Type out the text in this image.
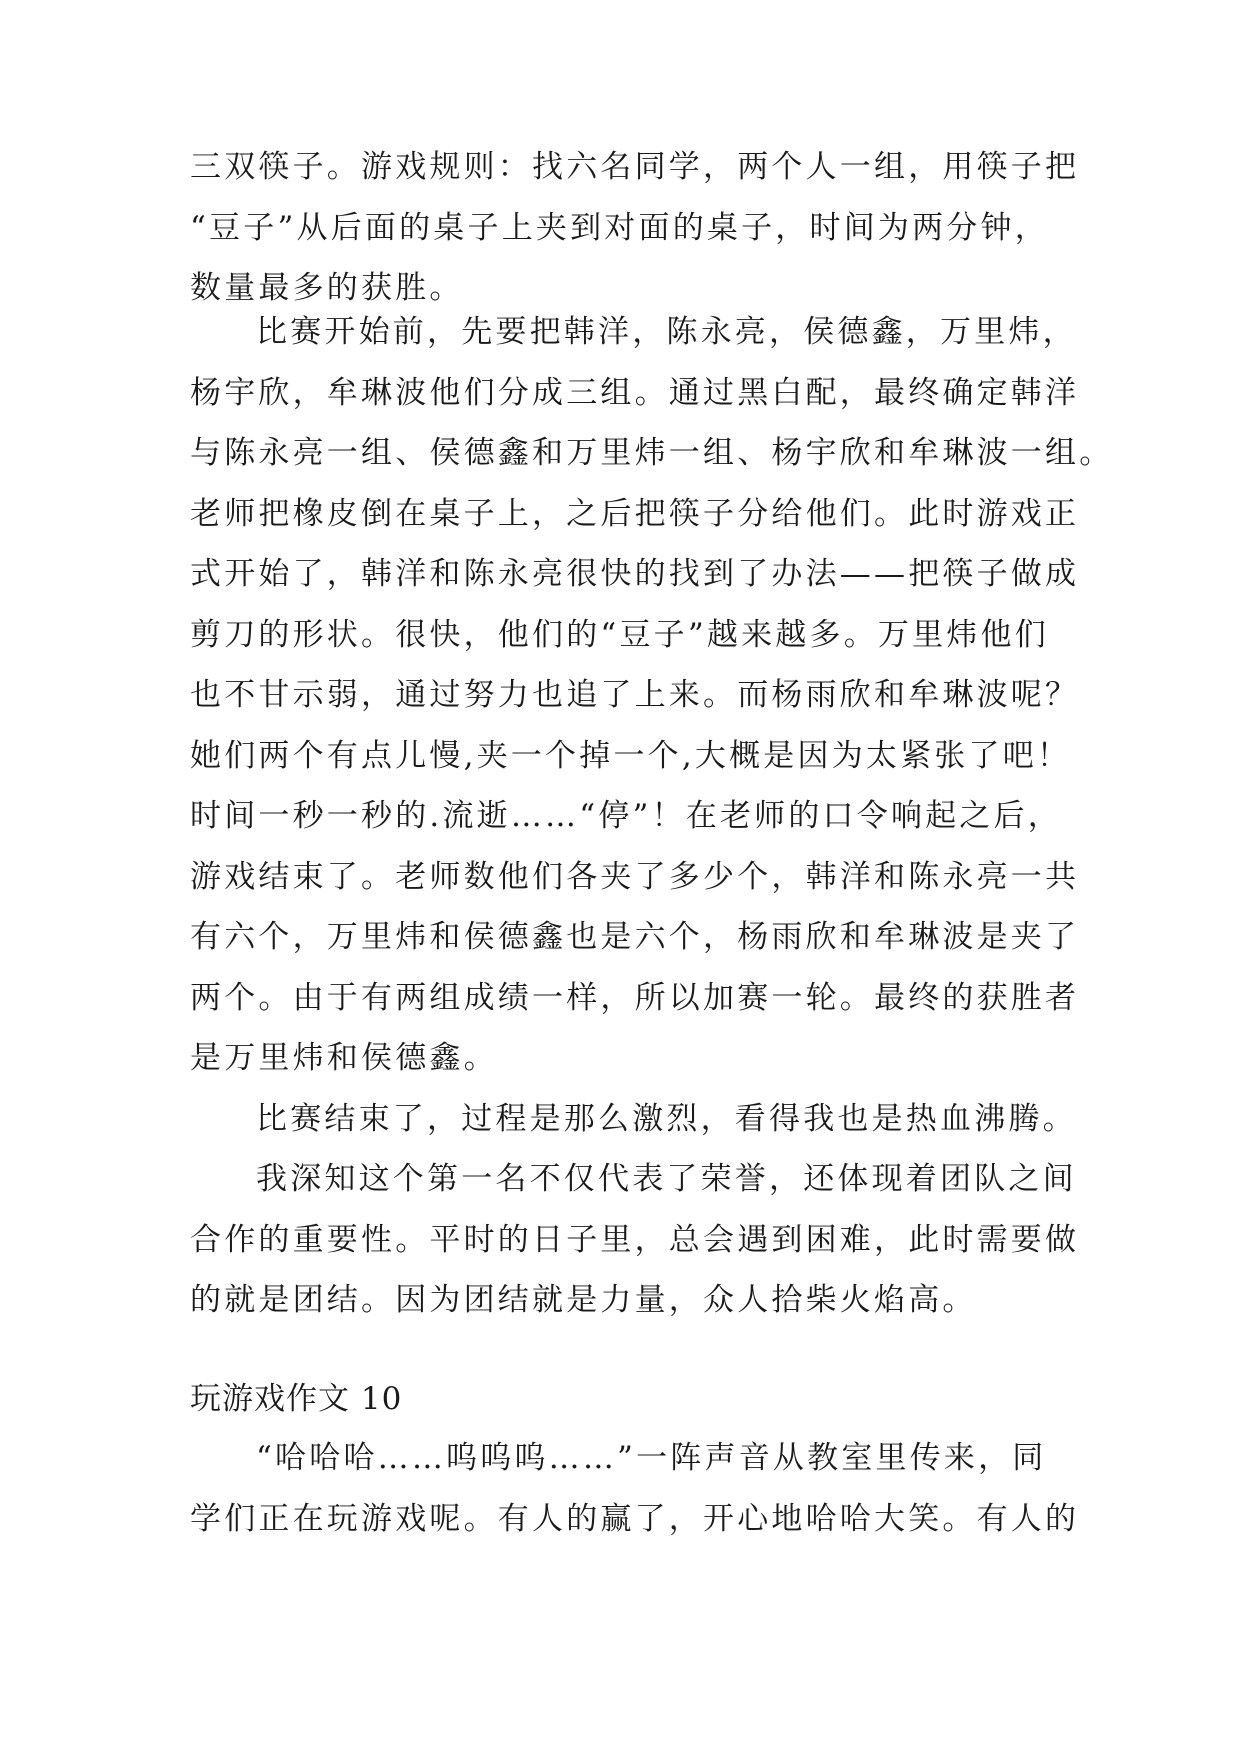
三双筷子。游戏规则：找六名同学，两个人一组，用筷子把
“豆子”从后面的桌子上夹到对面的桌子，时间为两分钟，
数量最多的获胜。
比赛开始前，先要把韩洋，陈永亮，侯德鑫，万里炜，
杨宇欣，牟琳波他们分成三组。通过黑白配，最终确定韩洋
与陈永亮一组、侯德鑫和万里炜一组、杨宇欣和牟琳波一组。
老师把橡皮倒在桌子上，之后把筷子分给他们。此时游戏正
式开始了，韩洋和陈永亮很快的找到了办法——把筷子做成
剪刀的形状。很快，他们的“豆子”越来越多。万里炜他们
也不甘示弱，通过努力也追了上来。而杨雨欣和牟琳波呢？
她们两个有点儿慢,夹一个掉一个,大概是因为太紧张了吧！
时间一秒一秒的.流逝……“停”！在老师的口令响起之后，
游戏结束了。老师数他们各夹了多少个，韩洋和陈永亮一共
有六个，万里炜和侯德鑫也是六个，杨雨欣和牟琳波是夹了
两个。由于有两组成绩一样，所以加赛一轮。最终的获胜者
是万里炜和侯德鑫。
比赛结束了，过程是那么激烈，看得我也是热血沸腾。
我深知这个第一名不仅代表了荣誉，还体现着团队之间
合作的重要性。平时的日子里，总会遇到困难，此时需要做
的就是团结。因为团结就是力量，众人拾柴火焰高。
玩游戏作文 10
“哈哈哈……呜呜呜……”一阵声音从教室里传来，同
学们正在玩游戏呢。有人的赢了，开心地哈哈大笑。有人的
